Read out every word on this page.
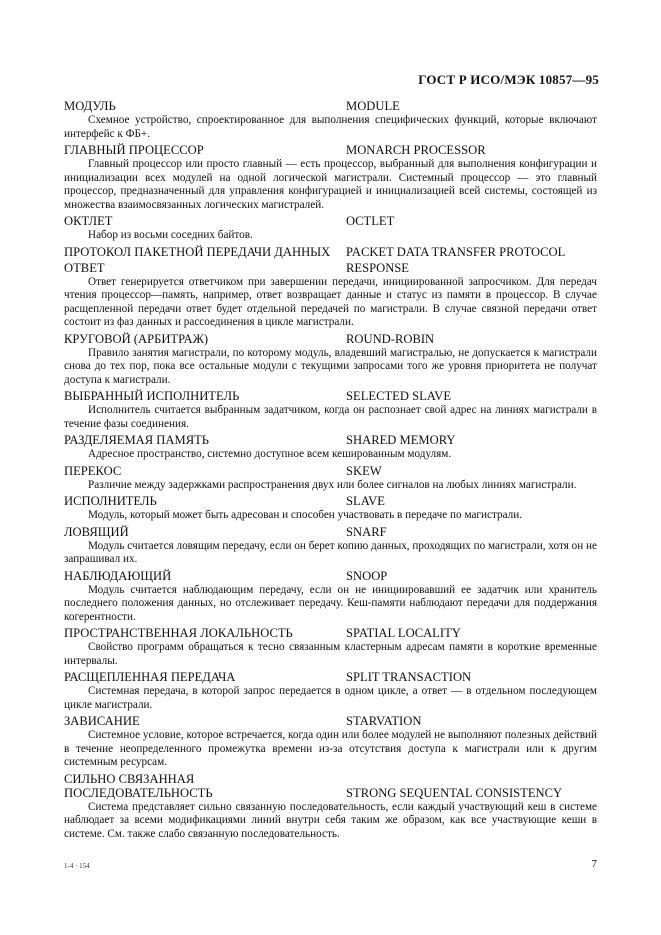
ГОСТ Р ИСО/МЭК 10857—95
МОДУЛЬ	MODULE
Схемное устройство, спроектированное для выполнения специфических функций, которые включают интерфейс к ФБ+.
ГЛАВНЫЙ ПРОЦЕССОР	MONARCH PROCESSOR
Главный процессор или просто главный — есть процессор, выбранный для выполнения конфигурации и инициализации всех модулей на одной логической магистрали. Системный процессор — это главный процессор, предназначенный для управления конфигурацией и инициализацией всей системы, состоящей из множества взаимосвязанных логических магистралей.
ОКТЛЕТ	OCTLET
Набор из восьми соседних байтов.
ПРОТОКОЛ ПАКЕТНОЙ ПЕРЕДАЧИ ДАННЫХ	PACKET DATA TRANSFER PROTOCOL
ОТВЕТ	RESPONSE
Ответ генерируется ответчиком при завершении передачи, инициированной запросчиком. Для передач чтения процессор—память, например, ответ возвращает данные и статус из памяти в процессор. В случае расщепленной передачи ответ будет отдельной передачей по магистрали. В случае связной передачи ответ состоит из фаз данных и рассоединения в цикле магистрали.
КРУГОВОЙ (АРБИТРАЖ)	ROUND-ROBIN
Правило занятия магистрали, по которому модуль, владевший магистралью, не допускается к магистрали снова до тех пор, пока все остальные модули с текущими запросами того же уровня приоритета не получат доступа к магистрали.
ВЫБРАННЫЙ ИСПОЛНИТЕЛЬ	SELECTED SLAVE
Исполнитель считается выбранным задатчиком, когда он распознает свой адрес на линиях магистрали в течение фазы соединения.
РАЗДЕЛЯЕМАЯ ПАМЯТЬ	SHARED MEMORY
Адресное пространство, системно доступное всем кешированным модулям.
ПЕРЕКОС	SKEW
Различие между задержками распространения двух или более сигналов на любых линиях магистрали.
ИСПОЛНИТЕЛЬ	SLAVE
Модуль, который может быть адресован и способен участвовать в передаче по магистрали.
ЛОВЯЩИЙ	SNARF
Модуль считается ловящим передачу, если он берет копию данных, проходящих по магистрали, хотя он не запрашивал их.
НАБЛЮДАЮЩИЙ	SNOOP
Модуль считается наблюдающим передачу, если он не инициировавший ее задатчик или хранитель последнего положения данных, но отслеживает передачу. Кеш-памяти наблюдают передачи для поддержания когерентности.
ПРОСТРАНСТВЕННАЯ ЛОКАЛЬНОСТЬ	SPATIAL LOCALITY
Свойство программ обращаться к тесно связанным кластерным адресам памяти в короткие временные интервалы.
РАСЩЕПЛЕННАЯ ПЕРЕДАЧА	SPLIT TRANSACTION
Системная передача, в которой запрос передается в одном цикле, а ответ — в отдельном последующем цикле магистрали.
ЗАВИСАНИЕ	STARVATION
Системное условие, которое встречается, когда один или более модулей не выполняют полезных действий в течение неопределенного промежутка времени из-за отсутствия доступа к магистрали или к другим системным ресурсам.
СИЛЬНО СВЯЗАННАЯ
ПОСЛЕДОВАТЕЛЬНОСТЬ	STRONG SEQUENTAL CONSISTENCY
Система представляет сильно связанную последовательность, если каждый участвующий кеш в системе наблюдает за всеми модификациями линий внутри себя таким же образом, как все участвующие кеши в системе. См. также слабо связанную последовательность.
1-4 · 154	7
